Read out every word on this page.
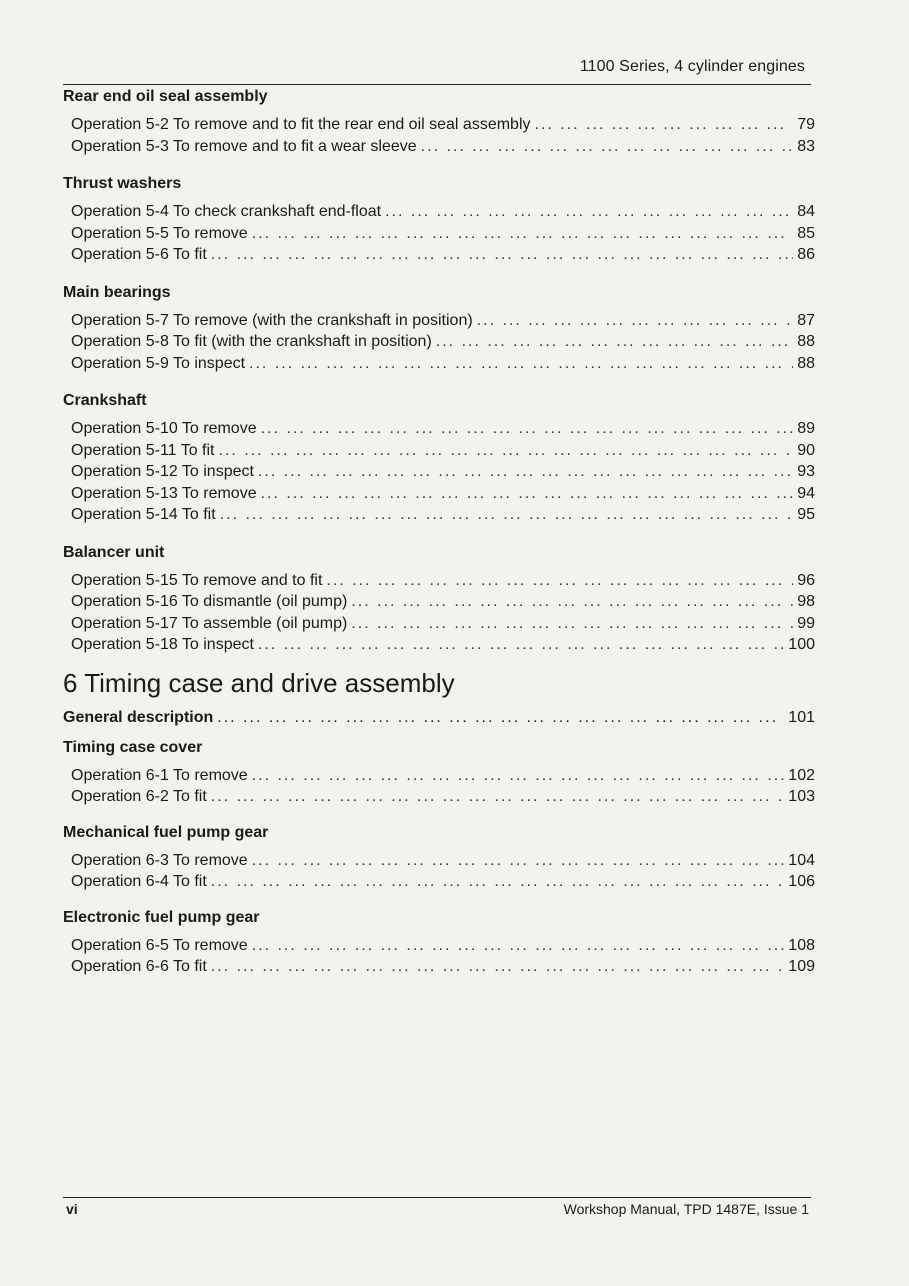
1100 Series, 4 cylinder engines
Rear end oil seal assembly
Operation 5-2 To remove and to fit the rear end oil seal assembly ... .	79
Operation 5-3 To remove and to fit a wear sleeve ... .	83
Thrust washers
Operation 5-4 To check crankshaft end-float ... .	84
Operation 5-5 To remove ... .	85
Operation 5-6 To fit ... .	86
Main bearings
Operation 5-7 To remove (with the crankshaft in position) ... .	87
Operation 5-8 To fit (with the crankshaft in position) ... .	88
Operation 5-9 To inspect ... .	88
Crankshaft
Operation 5-10 To remove ... .	89
Operation 5-11 To fit ... .	90
Operation 5-12 To inspect ... .	93
Operation 5-13 To remove ... .	94
Operation 5-14 To fit ... .	95
Balancer unit
Operation 5-15 To remove and to fit ... .	96
Operation 5-16 To dismantle (oil pump) ... .	98
Operation 5-17 To assemble (oil pump) ... .	99
Operation 5-18 To inspect ... .	100
6 Timing case and drive assembly
General description ... .	101
Timing case cover
Operation 6-1 To remove ... .	102
Operation 6-2 To fit ... .	103
Mechanical fuel pump gear
Operation 6-3 To remove ... .	104
Operation 6-4 To fit ... .	106
Electronic fuel pump gear
Operation 6-5 To remove ... .	108
Operation 6-6 To fit ... .	109
vi	Workshop Manual, TPD 1487E, Issue 1
